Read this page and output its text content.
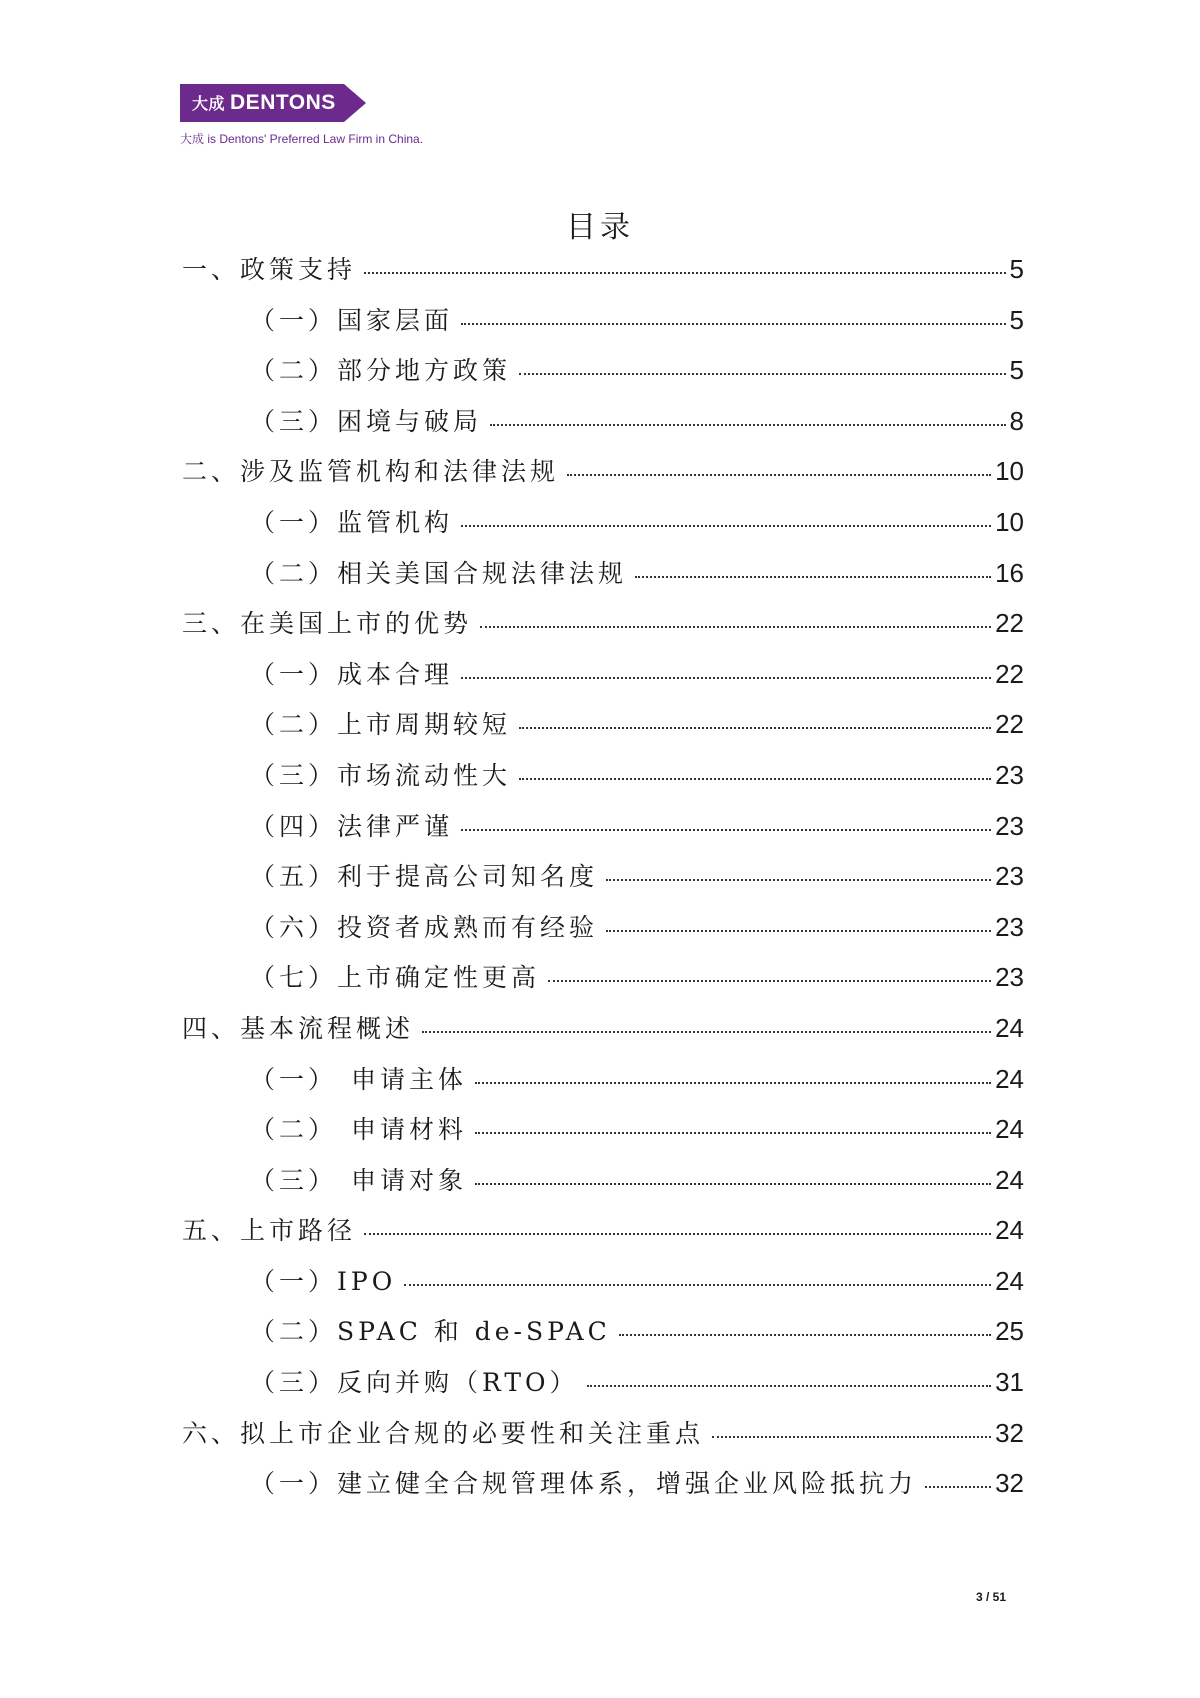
大成 DENTONS
大成 is Dentons' Preferred Law Firm in China.
目录
一、政策支持	5
（一）国家层面	5
（二）部分地方政策	5
（三）困境与破局	8
二、涉及监管机构和法律法规	10
（一）监管机构	10
（二）相关美国合规法律法规	16
三、在美国上市的优势	22
（一）成本合理	22
（二）上市周期较短	22
（三）市场流动性大	23
（四）法律严谨	23
（五）利于提高公司知名度	23
（六）投资者成熟而有经验	23
（七）上市确定性更高	23
四、基本流程概述	24
（一） 申请主体	24
（二） 申请材料	24
（三） 申请对象	24
五、上市路径	24
（一）IPO	24
（二）SPAC 和 de-SPAC	25
（三）反向并购（RTO）	31
六、拟上市企业合规的必要性和关注重点	32
（一）建立健全合规管理体系，增强企业风险抵抗力	32
3 / 51
